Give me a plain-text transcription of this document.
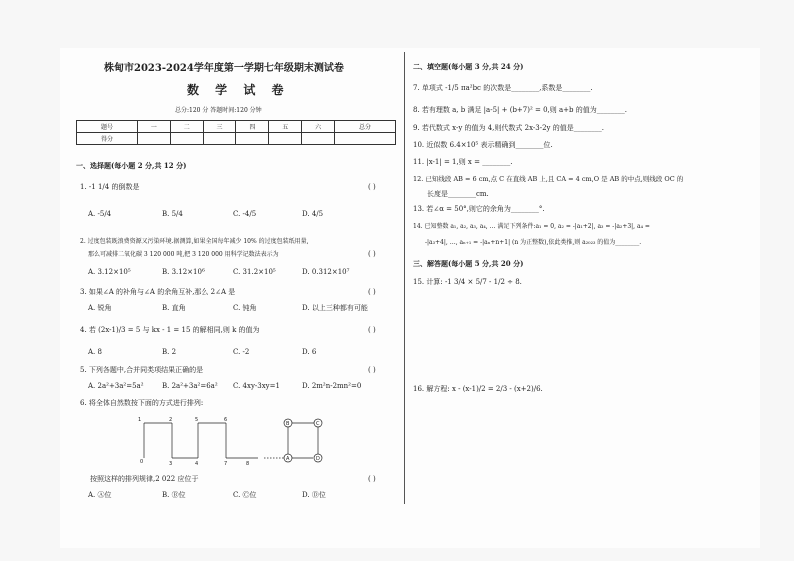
株甸市2023-2024学年度第一学期七年级期末测试卷
数 学 试 卷
总分:120 分 答题时间:120 分钟
题号	一	二	三	四	五	六	总分
得分							
一、选择题(每小题 2 分,共 12 分)
1. -1 1/4 的倒数是	( )
A. -5/4	B. 5/4	C. -4/5	D. 4/5
2. 过度包装既浪费资源又污染环境.据测算,如果全国每年减少 10% 的过度包装纸用量,
那么可减排二氧化碳 3 120 000 吨,把 3 120 000 用科学记数法表示为	( )
A. 3.12×10⁵	B. 3.12×10⁶	C. 31.2×10⁵	D. 0.312×10⁷
3. 如果∠A 的补角与∠A 的余角互补,那么 2∠A 是	( )
A. 锐角	B. 直角	C. 钝角	D. 以上三种都有可能
4. 若 (2x-1)/3 = 5 与 kx - 1 = 15 的解相同,则 k 的值为	( )
A. 8	B. 2	C. -2	D. 6
5. 下列各题中,合并同类项结果正确的是	( )
A. 2a²+3a²=5a²	B. 2a²+3a²=6a² C. 4xy-3xy=1	D. 2m²n-2mn²=0
6. 将全体自然数按下面的方式进行排列:
0
1	2
3	4
5	6
7	8
B	C
A	D
按照这样的排列规律,2 022 应位于	( )
A. Ⓐ位	B. Ⓑ位	C. Ⓒ位	D. Ⓓ位
二、填空题(每小题 3 分,共 24 分)
7. 单项式 -1/5 πa²bc 的次数是________,系数是________.
8. 若有理数 a, b 满足 |a-5| + (b+7)² = 0,则 a+b 的值为________.
9. 若代数式 x-y 的值为 4,则代数式 2x-3-2y 的值是________.
10. 近似数 6.4×10⁵ 表示精确到________位.
11. |x-1| = 1,则 x = ________.
12. 已知线段 AB = 6 cm,点 C 在直线 AB 上,且 CA = 4 cm,O 是 AB 的中点,则线段 OC 的
长度是________cm.
13. 若∠α = 50°,则它的余角为________°.
14. 已知整数 a₁, a₂, a₃, a₄, … 满足下列条件:a₁ = 0, a₂ = -|a₁+2|, a₃ = -|a₂+3|, a₄ =
-|a₃+4|, …, aₙ₊₁ = -|aₙ+n+1| (n 为正整数),依此类推,则 a₂₀₂₃ 的值为________.
三、解答题(每小题 5 分,共 20 分)
15. 计算: -1 3/4 × 5/7 - 1/2 ÷ 8.
16. 解方程: x - (x-1)/2 = 2/3 - (x+2)/6.
